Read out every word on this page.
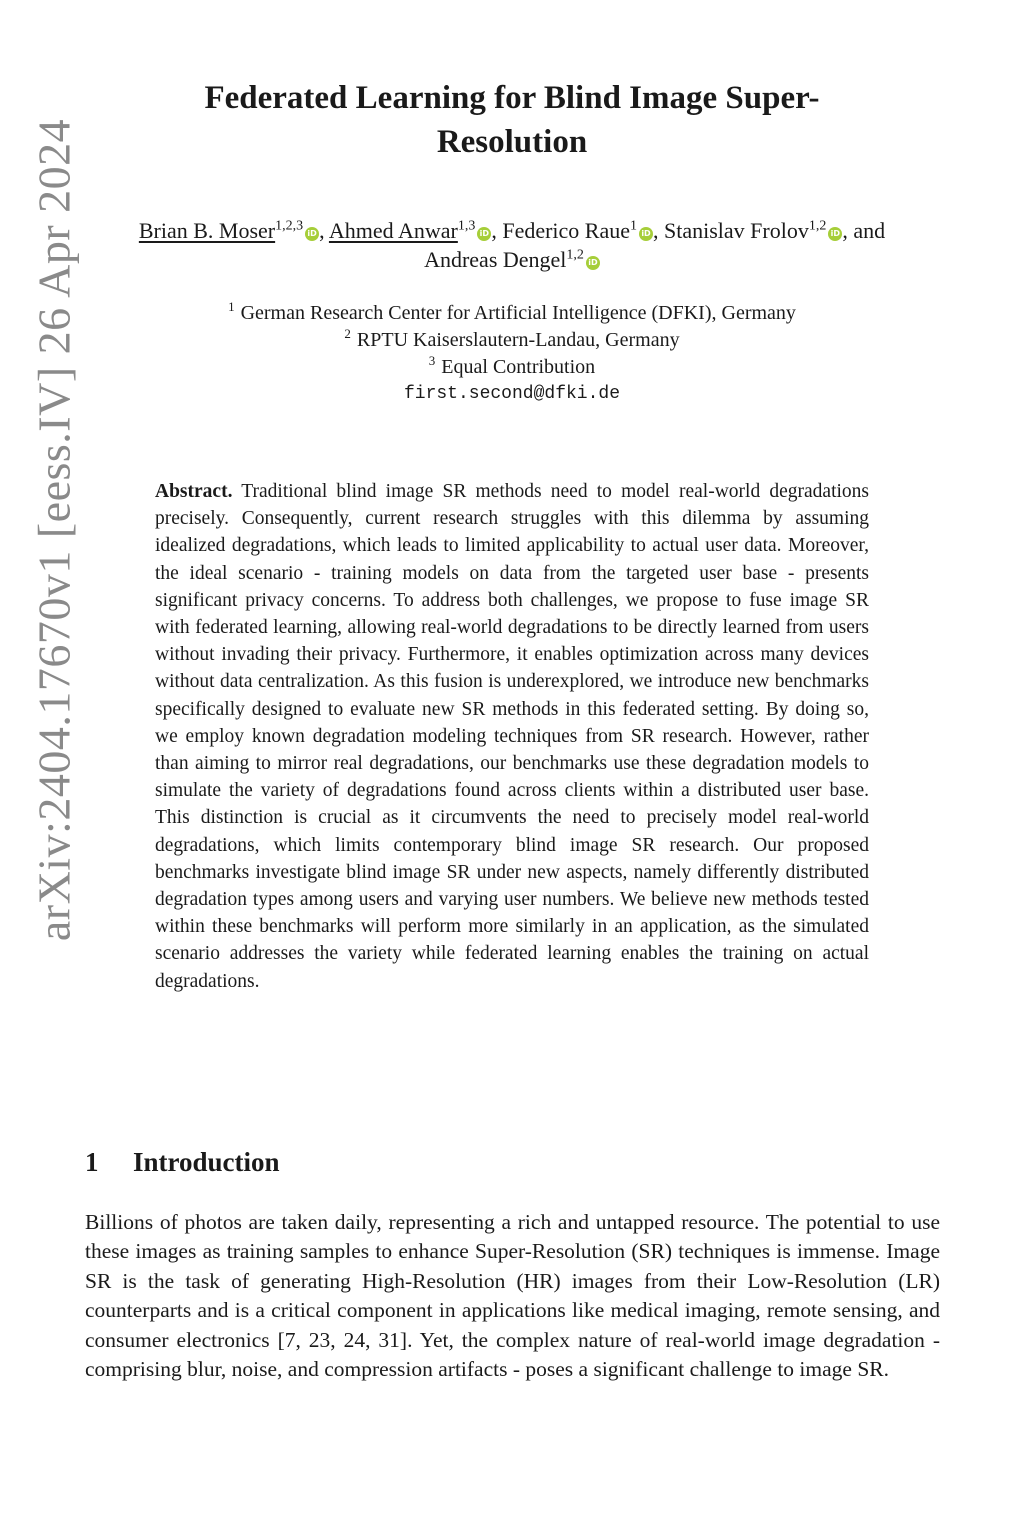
arXiv:2404.17670v1 [eess.IV] 26 Apr 2024
Federated Learning for Blind Image Super-Resolution
Brian B. Moser$^{1,2,3}$ iD , Ahmed Anwar$^{1,3}$ iD , Federico Raue$^1$ iD , Stanislav Frolov$^{1,2}$ iD , and Andreas Dengel$^{1,2}$ iD
$^1$ German Research Center for Artificial Intelligence (DFKI), Germany
$^2$ RPTU Kaiserslautern-Landau, Germany
$^3$ Equal Contribution
first.second@dfki.de
Abstract. Traditional blind image SR methods need to model real-world degradations precisely. Consequently, current research struggles with this dilemma by assuming idealized degradations, which leads to limited applicability to actual user data. Moreover, the ideal scenario - training models on data from the targeted user base - presents significant privacy concerns. To address both challenges, we propose to fuse image SR with federated learning, allowing real-world degradations to be directly learned from users without invading their privacy. Furthermore, it enables optimization across many devices without data centralization. As this fusion is underexplored, we introduce new benchmarks specifically designed to evaluate new SR methods in this federated setting. By doing so, we employ known degradation modeling techniques from SR research. However, rather than aiming to mirror real degradations, our benchmarks use these degradation models to simulate the variety of degradations found across clients within a distributed user base. This distinction is crucial as it circumvents the need to precisely model real-world degradations, which limits contemporary blind image SR research. Our proposed benchmarks investigate blind image SR under new aspects, namely differently distributed degradation types among users and varying user numbers. We believe new methods tested within these benchmarks will perform more similarly in an application, as the simulated scenario addresses the variety while federated learning enables the training on actual degradations.
1 Introduction
Billions of photos are taken daily, representing a rich and untapped resource. The potential to use these images as training samples to enhance Super-Resolution (SR) techniques is immense. Image SR is the task of generating High-Resolution (HR) images from their Low-Resolution (LR) counterparts and is a critical component in applications like medical imaging, remote sensing, and consumer electronics [7, 23, 24, 31]. Yet, the complex nature of real-world image degradation - comprising blur, noise, and compression artifacts - poses a significant challenge to image SR.
